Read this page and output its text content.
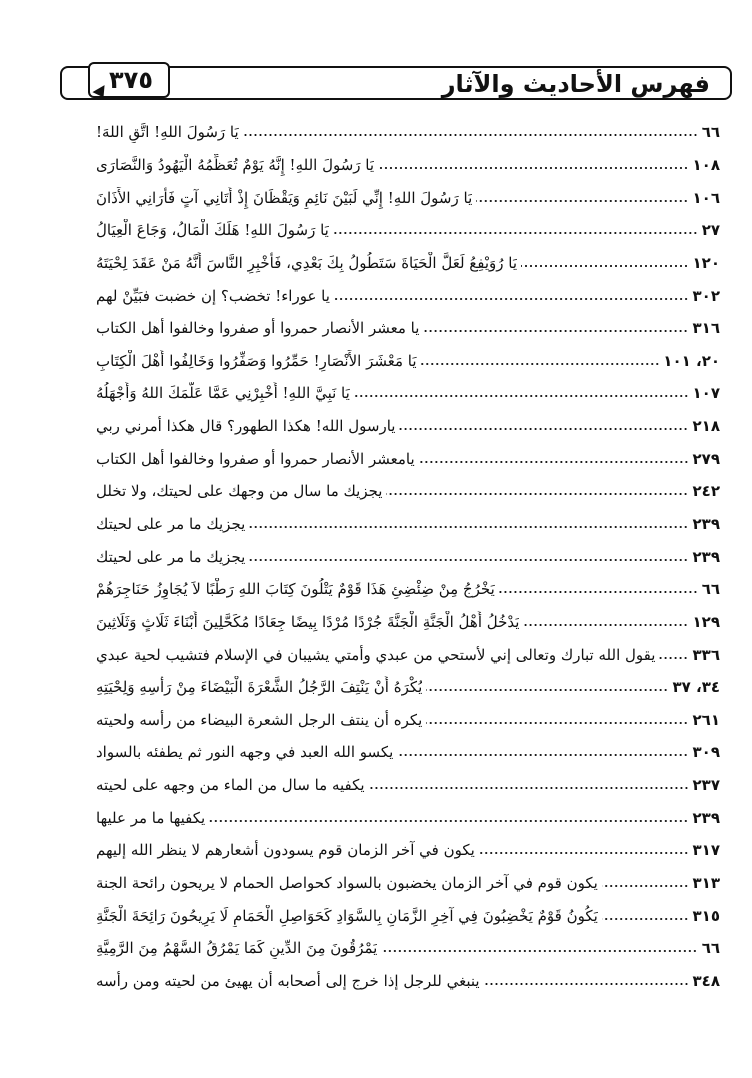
فهرس الأحاديث والآثار
٣٧٥
يَا رَسُولَ اللهِ! اتَّقِ اللهَ!	٦٦
يَا رَسُولَ اللهِ! إِنَّهُ يَوْمٌ تُعَظِّمُهُ الْيَهُودُ وَالنَّصَارَى	١٠٨
يَا رَسُولَ اللهِ! إِنِّي لَبَيْنَ نَائِمٍ وَيَقْظَانَ إِذْ أَتَانِي آتٍ فَأَرَانِي الأَذَانَ	١٠٦
يَا رَسُولَ اللهِ! هَلَكَ الْمَالُ، وَجَاعَ الْعِيَالُ	٢٧
يَا رُوَيْفِعُ لَعَلَّ الْحَيَاةَ سَتَطُولُ بِكَ بَعْدِي، فَأَخْبِرِ النَّاسَ أَنَّهُ مَنْ عَقَدَ لِحْيَتَهُ	١٢٠
يا عوراء! تخضب؟ إن خضبت فبَيِّنْ لهم	٣٠٢
يا معشر الأنصار حمروا أو صفروا وخالفوا أهل الكتاب	٣١٦
يَا مَعْشَرَ الأَنْصَارِ! حَمِّرُوا وَصَفِّرُوا وَخَالِفُوا أَهْلَ الْكِتَابِ	٢٠، ١٠١
يَا نَبِيَّ اللهِ! أَخْبِرْنِي عَمَّا عَلَّمَكَ اللهُ وَأَجْهَلُهُ	١٠٧
يارسول الله! هكذا الطهور؟ قال هكذا أمرني ربي	٢١٨
يامعشر الأنصار حمروا أو صفروا وخالفوا أهل الكتاب	٢٧٩
يجزيك ما سال من وجهك على لحيتك، ولا تخلل	٢٤٢
يجزيك ما مر على لحيتك	٢٣٩
يجزيك ما مر على لحيتك	٢٣٩
يَخْرُجُ مِنْ ضِئْضِئِ هَذَا قَوْمٌ يَتْلُونَ كِتَابَ اللهِ رَطْبًا لاَ يُجَاوِزُ حَنَاجِرَهُمْ	٦٦
يَدْخُلُ أَهْلُ الْجَنَّةِ الْجَنَّةَ جُرْدًا مُرْدًا بِيضًا جِعَادًا مُكَحَّلِينَ أَبْنَاءَ ثَلَاثٍ وَثَلَاثِينَ	١٢٩
يقول الله تبارك وتعالى إني لأستحي من عبدي وأمتي يشيبان في الإسلام فتشيب لحية عبدي ٣٣٦
يُكْرَهُ أَنْ يَنْتِفَ الرَّجُلُ الشَّعْرَةَ الْبَيْضَاءَ مِنْ رَأْسِهِ وَلِحْيَتِهِ	٣٤، ٣٧
يكره أن ينتف الرجل الشعرة البيضاء من رأسه ولحيته	٢٦١
يكسو الله العبد في وجهه النور ثم يطفئه بالسواد	٣٠٩
يكفيه ما سال من الماء من وجهه على لحيته	٢٣٧
يكفيها ما مر عليها	٢٣٩
يكون في آخر الزمان قوم يسودون أشعارهم لا ينظر الله إليهم	٣١٧
يكون قوم في آخر الزمان يخضبون بالسواد كحواصل الحمام لا يريحون رائحة الجنة	٣١٣
يَكُونُ قَوْمٌ يَخْضِبُونَ فِي آخِرِ الزَّمَانِ بِالسَّوَادِ كَحَوَاصِلِ الْحَمَامِ لَا يَرِيحُونَ رَائِحَةَ الْجَنَّةِ	٣١٥
يَمْرُقُونَ مِنَ الدِّينِ كَمَا يَمْرُقُ السَّهْمُ مِنَ الرَّمِيَّةِ	٦٦
ينبغي للرجل إذا خرج إلى أصحابه أن يهيئ من لحيته ومن رأسه	٣٤٨
